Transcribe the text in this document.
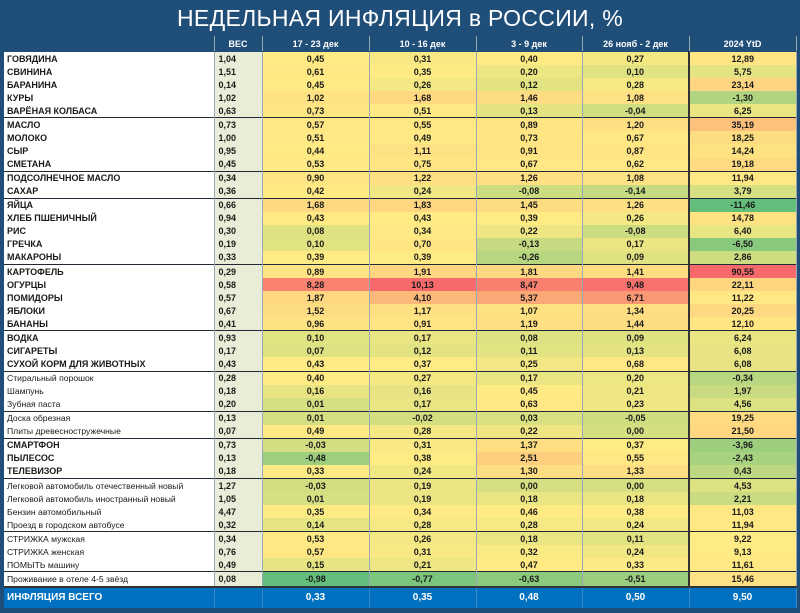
НЕДЕЛЬНАЯ ИНФЛЯЦИЯ в РОССИИ, %
	ВЕС	17 - 23 дек	10 - 16 дек	3 - 9 дек	26 нояб - 2 дек	2024 YtD
ГОВЯДИНА	1,04	0,45	0,31	0,40	0,27	12,89
СВИНИНА	1,51	0,61	0,35	0,20	0,10	5,75
БАРАНИНА	0,14	0,45	0,26	0,12	0,28	23,14
КУРЫ	1,02	1,02	1,68	1,46	1,08	-1,30
ВАРЁНАЯ КОЛБАСА	0,63	0,73	0,51	0,13	-0,04	6,25
МАСЛО	0,73	0,57	0,55	0,89	1,20	35,19
МОЛОКО	1,00	0,51	0,49	0,73	0,67	18,25
СЫР	0,95	0,44	1,11	0,91	0,87	14,24
СМЕТАНА	0,45	0,53	0,75	0,67	0,62	19,18
ПОДСОЛНЕЧНОЕ МАСЛО	0,34	0,90	1,22	1,26	1,08	11,94
САХАР	0,36	0,42	0,24	-0,08	-0,14	3,79
ЯЙЦА	0,66	1,68	1,83	1,45	1,26	-11,46
ХЛЕБ ПШЕНИЧНЫЙ	0,94	0,43	0,43	0,39	0,26	14,78
РИС	0,30	0,08	0,34	0,22	-0,08	6,40
ГРЕЧКА	0,19	0,10	0,70	-0,13	0,17	-6,50
МАКАРОНЫ	0,33	0,39	0,39	-0,26	0,09	2,86
КАРТОФЕЛЬ	0,29	0,89	1,91	1,81	1,41	90,55
ОГУРЦЫ	0,58	8,28	10,13	8,47	9,48	22,11
ПОМИДОРЫ	0,57	1,87	4,10	5,37	6,71	11,22
ЯБЛОКИ	0,67	1,52	1,17	1,07	1,34	20,25
БАНАНЫ	0,41	0,96	0,91	1,19	1,44	12,10
ВОДКА	0,93	0,10	0,17	0,08	0,09	6,24
СИГАРЕТЫ	0,17	0,07	0,12	0,11	0,13	6,08
СУХОЙ КОРМ ДЛЯ ЖИВОТНЫХ	0,43	0,43	0,37	0,25	0,68	6,08
Стиральный порошок	0,28	0,40	0,27	0,17	0,20	-0,34
Шампунь	0,18	0,16	0,16	0,45	0,21	1,97
Зубная паста	0,20	0,01	0,17	0,63	0,23	4,56
Доска обрезная	0,13	0,01	-0,02	0,03	-0,05	19,25
Плиты древесностружечные	0,07	0,49	0,28	0,22	0,00	21,50
СМАРТФОН	0,73	-0,03	0,31	1,37	0,37	-3,96
ПЫЛЕСОС	0,13	-0,48	0,38	2,51	0,55	-2,43
ТЕЛЕВИЗОР	0,18	0,33	0,24	1,30	1,33	0,43
Легковой автомобиль отечественный новый	1,27	-0,03	0,19	0,00	0,00	4,53
Легковой автомобиль иностранный новый	1,05	0,01	0,19	0,18	0,18	2,21
Бензин автомобильный	4,47	0,35	0,34	0,46	0,38	11,03
Проезд в городском автобусе	0,32	0,14	0,28	0,28	0,24	11,94
СТРИЖКА мужская	0,34	0,53	0,26	0,18	0,11	9,22
СТРИЖКА женская	0,76	0,57	0,31	0,32	0,24	9,13
ПОМЫТЬ машину	0,49	0,15	0,21	0,47	0,33	11,61
Проживание в отеле 4-5 звёзд	0,08	-0,98	-0,77	-0,63	-0,51	15,46
ИНФЛЯЦИЯ ВСЕГО		0,33	0,35	0,48	0,50	9,50
